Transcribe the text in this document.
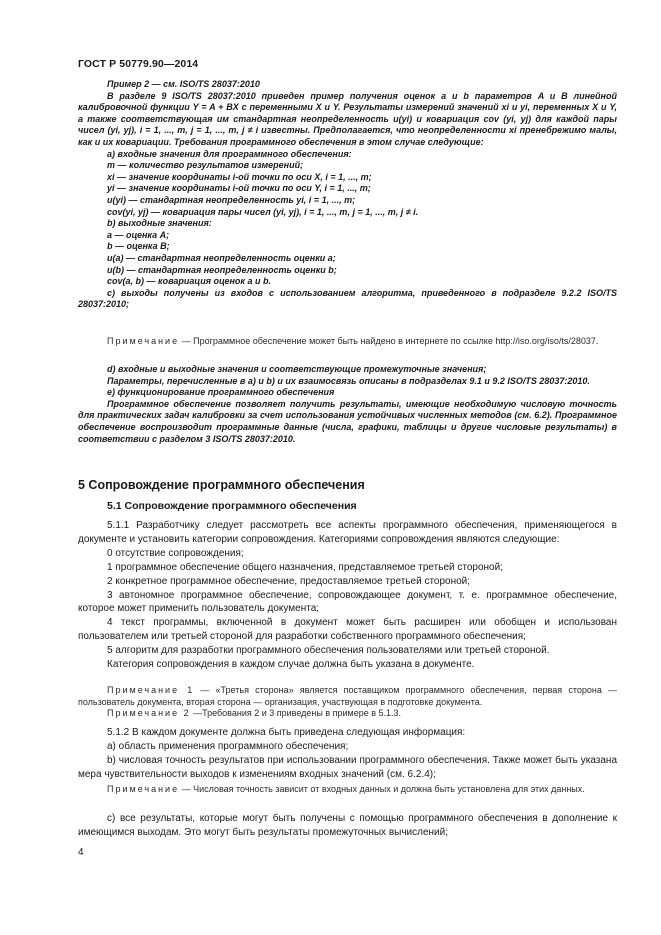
ГОСТ Р 50779.90—2014

Пример 2 — см. ISO/TS 28037:2010

В разделе 9 ISO/TS 28037:2010 приведен пример получения оценок a и b параметров A и B линейной калибровочной функции Y = A + BX с переменными X и Y. Результаты измерений значений xi и yi, переменных X и Y, а также соответствующая им стандартная неопределенность u(yi) и ковариация cov (yi, yj) для каждой пары чисел (yi, yj), i = 1, ..., m, j = 1, ..., m, j ≠ i известны. Предполагается, что неопределенности xi пренебрежимо малы, как и их ковариации. Требования программного обеспечения в этом случае следующие:

а) входные значения для программного обеспечения:

m — количество результатов измерений;

xi — значение координаты i-ой точки по оси X, i = 1, ..., m;

yi — значение координаты i-ой точки по оси Y, i = 1, ..., m;

u(yi) — стандартная неопределенность yi, i = 1, ..., m;

cov(yi, yj) — ковариация пары чисел (yi, yj), i = 1, ..., m, j = 1, ..., m, j ≠ i.

b) выходные значения:

a — оценка A;

b — оценка B;

u(a) — стандартная неопределенность оценки a;

u(b) — стандартная неопределенность оценки b;

cov(a, b) — ковариация оценок a и b.

c) выходы получены из входов с использованием алгоритма, приведенного в подразделе 9.2.2 ISO/TS 28037:2010;

Примечание — Программное обеспечение может быть найдено в интернете по ссылке http://iso.org/iso/ts/28037.

d) входные и выходные значения и соответствующие промежуточные значения;

Параметры, перечисленные в а) и b) и их взаимосвязь описаны в подразделах 9.1 и 9.2 ISO/TS 28037:2010.

e) функционирование программного обеспечения

Программное обеспечение позволяет получить результаты, имеющие необходимую числовую точность для практических задач калибровки за счет использования устойчивых численных методов (см. 6.2). Программное обеспечение воспроизводит программные данные (числа, графики, таблицы и другие числовые результаты) в соответствии с разделом 3 ISO/TS 28037:2010.

5 Сопровождение программного обеспечения
5.1 Сопровождение программного обеспечения

5.1.1 Разработчику следует рассмотреть все аспекты программного обеспечения, применяющегося в документе и установить категории сопровождения. Категориями сопровождения являются следующие:

0 отсутствие сопровождения;

1 программное обеспечение общего назначения, представляемое третьей стороной;

2 конкретное программное обеспечение, предоставляемое третьей стороной;

3 автономное программное обеспечение, сопровождающее документ, т. е. программное обеспечение, которое может применить пользователь документа;

4 текст программы, включенной в документ может быть расширен или обобщен и использован пользователем или третьей стороной для разработки собственного программного обеспечения;

5 алгоритм для разработки программного обеспечения пользователями или третьей стороной.

Категория сопровождения в каждом случае должна быть указана в документе.

Примечание 1 — «Третья сторона» является поставщиком программного обеспечения, первая сторона — пользователь документа, вторая сторона — организация, участвующая в подготовке документа.

Примечание 2 —Требования 2 и 3 приведены в примере в 5.1.3.

5.1.2 В каждом документе должна быть приведена следующая информация:

a) область применения программного обеспечения;

b) числовая точность результатов при использовании программного обеспечения. Также может быть указана мера чувствительности выходов к изменениям входных значений (см. 6.2.4);

Примечание — Числовая точность зависит от входных данных и должна быть установлена для этих данных.

c) все результаты, которые могут быть получены с помощью программного обеспечения в дополнение к имеющимся выходам. Это могут быть результаты промежуточных вычислений;

4
